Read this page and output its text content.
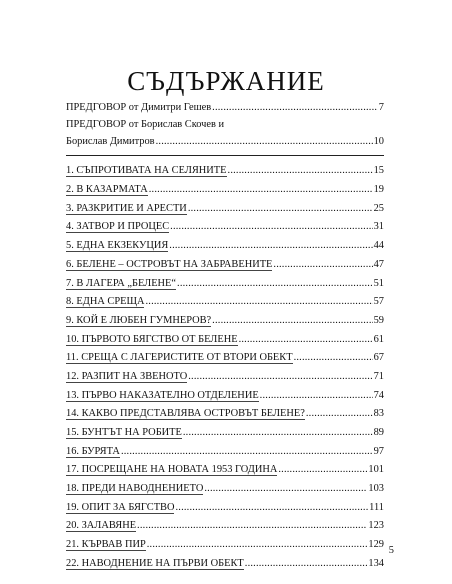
СЪДЪРЖАНИЕ
ПРЕДГОВОР от Димитри Гешев .....	7
ПРЕДГОВОР от Борислав Скочев и
Борислав Димитров .....	10
1. СЪПРОТИВАТА НА СЕЛЯНИТЕ .....	15
2. В КАЗАРМАТА .....	19
3. РАЗКРИТИЕ И АРЕСТИ .....	25
4. ЗАТВОР И ПРОЦЕС .....	31
5. ЕДНА ЕКЗЕКУЦИЯ .....	44
6. БЕЛЕНЕ – ОСТРОВЪТ НА ЗАБРАВЕНИТЕ .....	47
7. В ЛАГЕРА „БЕЛЕНЕ“ .....	51
8. ЕДНА СРЕЩА .....	57
9. КОЙ Е ЛЮБЕН ГУМНЕРОВ? .....	59
10. ПЪРВОТО БЯГСТВО ОТ БЕЛЕНЕ .....	61
11. СРЕЩА С ЛАГЕРИСТИТЕ ОТ ВТОРИ ОБЕКТ .....	67
12. РАЗПИТ НА ЗВЕНОТО .....	71
13. ПЪРВО НАКАЗАТЕЛНО ОТДЕЛЕНИЕ .....	74
14. КАКВО ПРЕДСТАВЛЯВА ОСТРОВЪТ БЕЛЕНЕ? .....	83
15. БУНТЪТ НА РОБИТЕ .....	89
16. БУРЯТА .....	97
17. ПОСРЕЩАНЕ НА НОВАТА 1953 ГОДИНА .....	101
18. ПРЕДИ НАВОДНЕНИЕТО .....	103
19. ОПИТ ЗА БЯГСТВО .....	111
20. ЗАЛАВЯНЕ .....	123
21. КЪРВАВ ПИР .....	129
22. НАВОДНЕНИЕ НА ПЪРВИ ОБЕКТ .....	134
5
